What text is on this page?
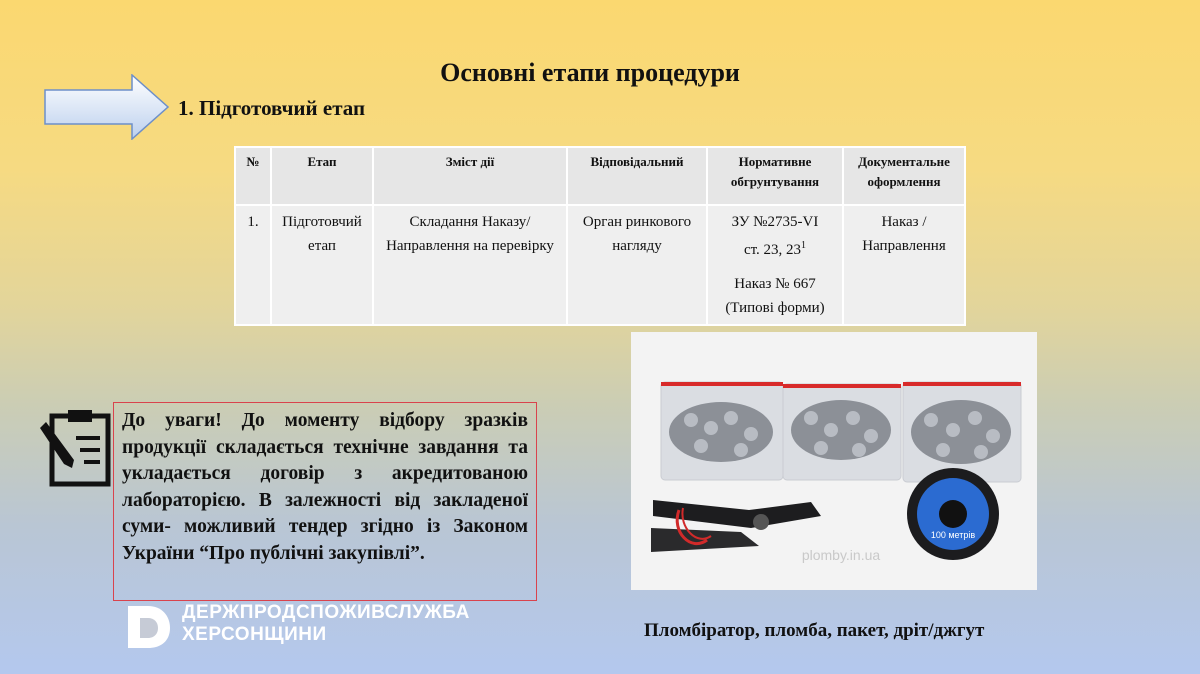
Основні етапи процедури
1. Підготовчий етап
№	Етап	Зміст дії	Відповідальний	Нормативне обгрунтування	Документальне оформлення
1.	Підготовчий етап	Складання Наказу/Направлення на перевірку	Орган ринкового нагляду	ЗУ №2735-VI
ст. 23, $23^1$
Наказ № 667
(Типові форми)	Наказ / Направлення
До уваги! До моменту відбору зразків продукції складається технічне завдання та укладається договір з акредитованою лабораторією. В залежності від закладеної суми- можливий тендер згідно із Законом України “Про публічні закупівлі”.
100 метрів
plomby.in.ua
Пломбіратор, пломба, пакет, дріт/джгут
ДЕРЖПРОДСПОЖИВСЛУЖБА
ХЕРСОНЩИНИ
